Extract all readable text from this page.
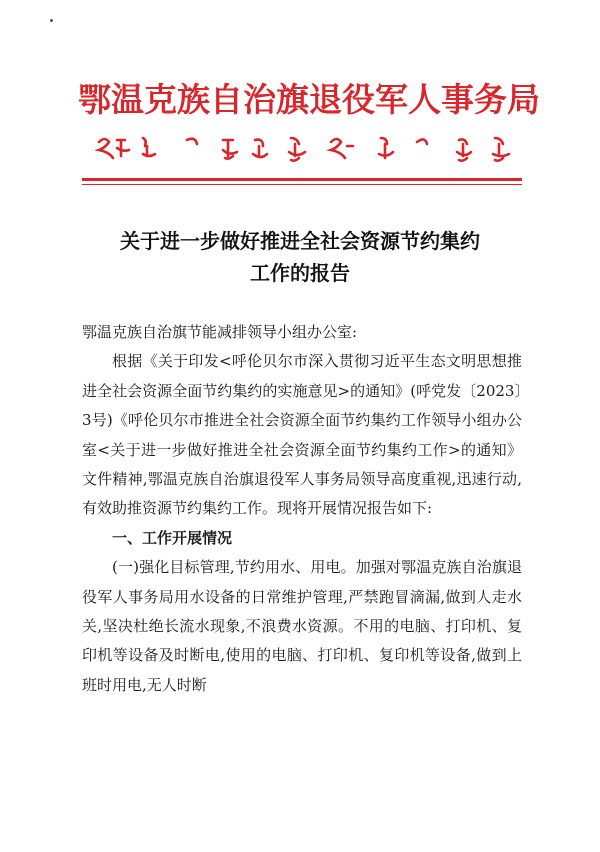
鄂温克族自治旗退役军人事务局
关于进一步做好推进全社会资源节约集约
工作的报告

鄂温克族自治旗节能减排领导小组办公室:

根据《关于印发<呼伦贝尔市深入贯彻习近平生态文明思想推进全社会资源全面节约集约的实施意见>的通知》(呼党发〔2023〕3号)《呼伦贝尔市推进全社会资源全面节约集约工作领导小组办公室<关于进一步做好推进全社会资源全面节约集约工作>的通知》文件精神,鄂温克族自治旗退役军人事务局领导高度重视,迅速行动,有效助推资源节约集约工作。现将开展情况报告如下:

一、工作开展情况

(一)强化目标管理,节约用水、用电。加强对鄂温克族自治旗退役军人事务局用水设备的日常维护管理,严禁跑冒滴漏,做到人走水关,坚决杜绝长流水现象,不浪费水资源。不用的电脑、打印机、复印机等设备及时断电,使用的电脑、打印机、复印机等设备,做到上班时用电,无人时断
